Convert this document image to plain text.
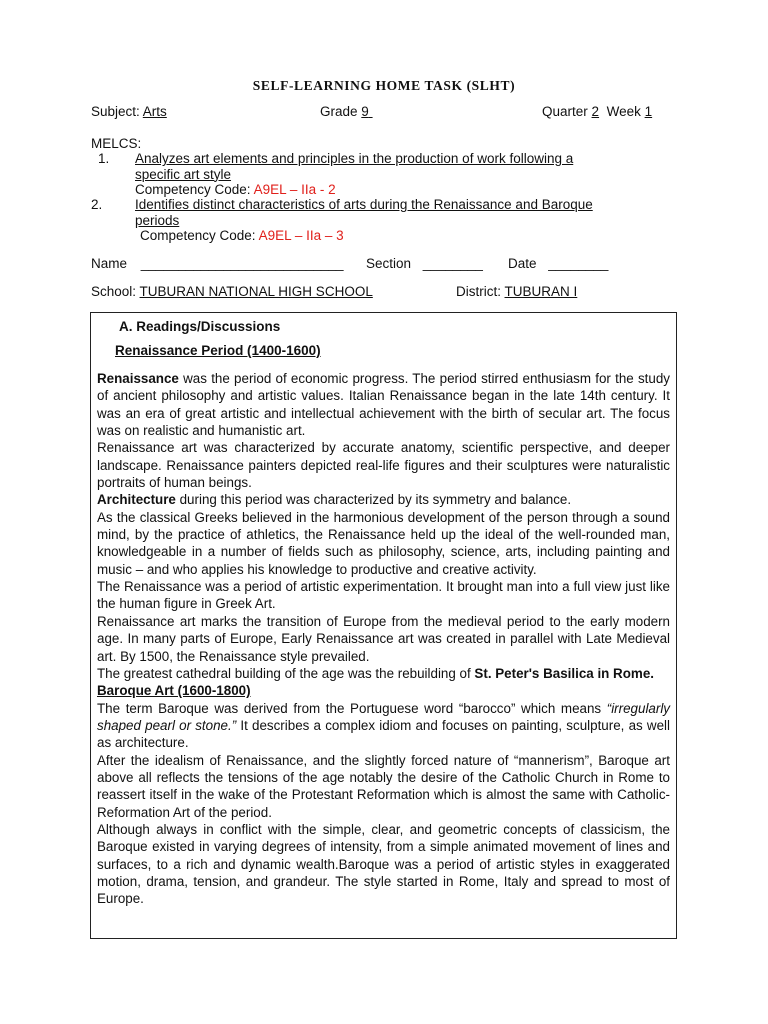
SELF-LEARNING HOME TASK (SLHT)
Subject: Arts	Grade 9	Quarter 2 Week 1
MELCS:
1. Analyzes art elements and principles in the production of work following a
specific art style
Competency Code: A9EL – IIa - 2
2. Identifies distinct characteristics of arts during the Renaissance and Baroque
periods
Competency Code: A9EL – IIa – 3
Name ___________________________ Section ________ Date ________
School: TUBURAN NATIONAL HIGH SCHOOL	District: TUBURAN I
A. Readings/Discussions
Renaissance Period (1400-1600)

Renaissance was the period of economic progress. The period stirred enthusiasm for the study of ancient philosophy and artistic values. Italian Renaissance began in the late 14th century. It was an era of great artistic and intellectual achievement with the birth of secular art. The focus was on realistic and humanistic art.

Renaissance art was characterized by accurate anatomy, scientific perspective, and deeper landscape. Renaissance painters depicted real-life figures and their sculptures were naturalistic portraits of human beings.

Architecture during this period was characterized by its symmetry and balance.

As the classical Greeks believed in the harmonious development of the person through a sound mind, by the practice of athletics, the Renaissance held up the ideal of the well-rounded man, knowledgeable in a number of fields such as philosophy, science, arts, including painting and music – and who applies his knowledge to productive and creative activity.

The Renaissance was a period of artistic experimentation. It brought man into a full view just like the human figure in Greek Art.

Renaissance art marks the transition of Europe from the medieval period to the early modern age. In many parts of Europe, Early Renaissance art was created in parallel with Late Medieval art. By 1500, the Renaissance style prevailed.

The greatest cathedral building of the age was the rebuilding of St. Peter's Basilica in Rome.

Baroque Art (1600-1800)

The term Baroque was derived from the Portuguese word “barocco” which means “irregularly shaped pearl or stone.” It describes a complex idiom and focuses on painting, sculpture, as well as architecture.

After the idealism of Renaissance, and the slightly forced nature of “mannerism”, Baroque art above all reflects the tensions of the age notably the desire of the Catholic Church in Rome to reassert itself in the wake of the Protestant Reformation which is almost the same with Catholic- Reformation Art of the period.

Although always in conflict with the simple, clear, and geometric concepts of classicism, the Baroque existed in varying degrees of intensity, from a simple animated movement of lines and surfaces, to a rich and dynamic wealth.Baroque was a period of artistic styles in exaggerated motion, drama, tension, and grandeur. The style started in Rome, Italy and spread to most of Europe.
